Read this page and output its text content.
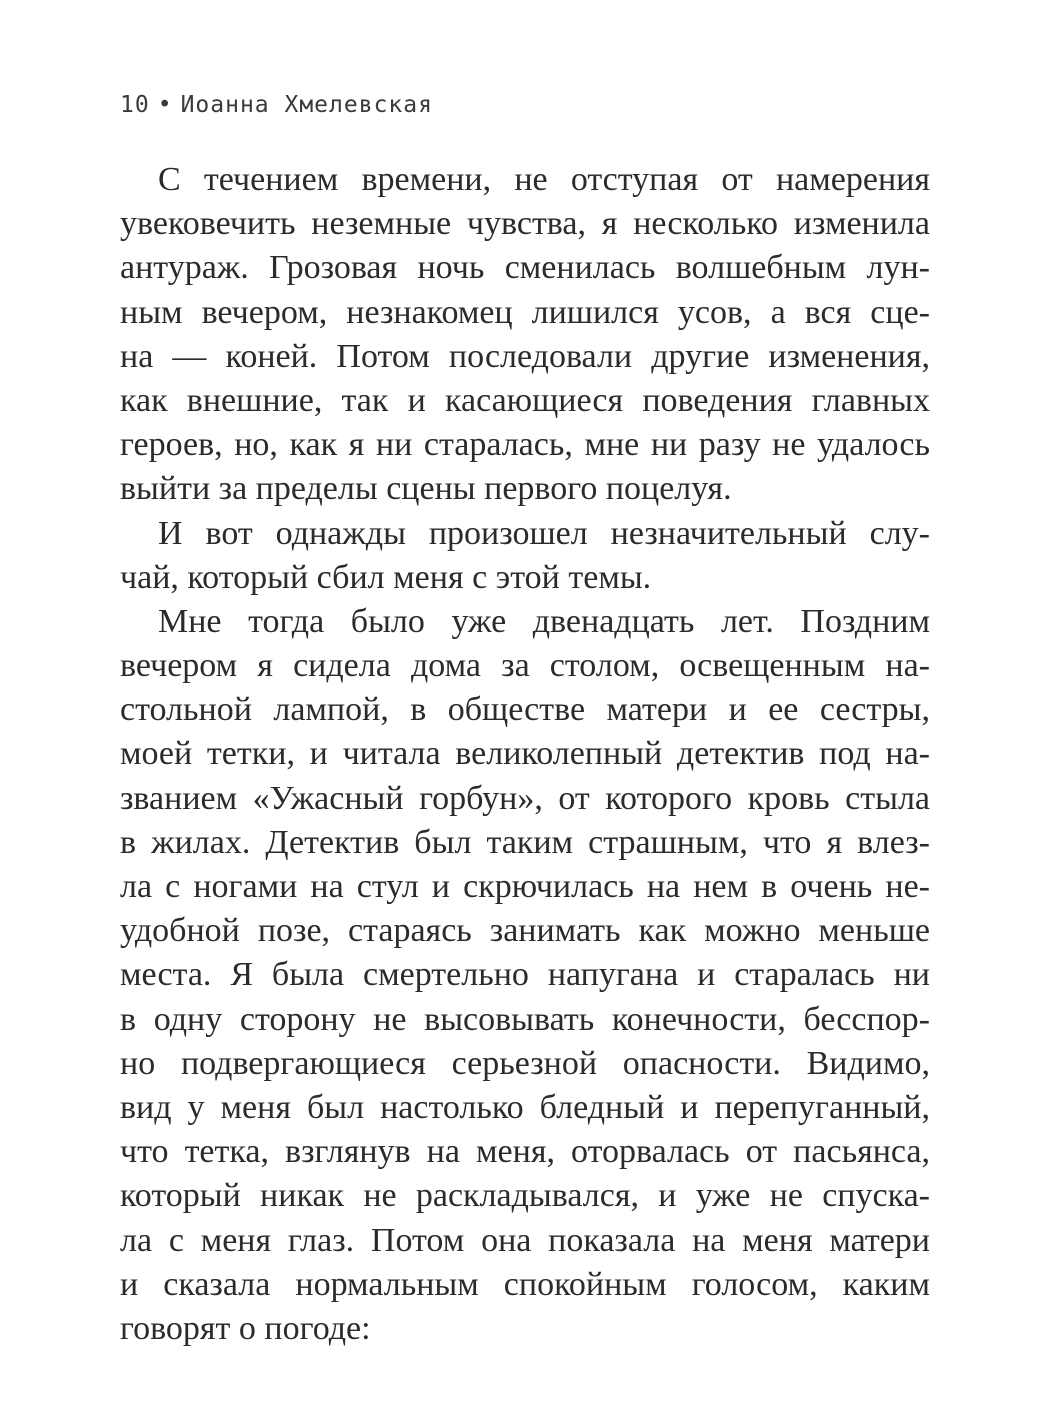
10 • Иоанна Хмелевская
С течением времени, не отступая от намерения
увековечить неземные чувства, я несколько изменила
антураж. Грозовая ночь сменилась волшебным лун-
ным вечером, незнакомец лишился усов, а вся сце-
на — коней. Потом последовали другие изменения,
как внешние, так и касающиеся поведения главных
героев, но, как я ни старалась, мне ни разу не удалось
выйти за пределы сцены первого поцелуя.
И вот однажды произошел незначительный слу-
чай, который сбил меня с этой темы.
Мне тогда было уже двенадцать лет. Поздним
вечером я сидела дома за столом, освещенным на-
стольной лампой, в обществе матери и ее сестры,
моей тетки, и читала великолепный детектив под на-
званием «Ужасный горбун», от которого кровь стыла
в жилах. Детектив был таким страшным, что я влез-
ла с ногами на стул и скрючилась на нем в очень не-
удобной позе, стараясь занимать как можно меньше
места. Я была смертельно напугана и старалась ни
в одну сторону не высовывать конечности, бесспор-
но подвергающиеся серьезной опасности. Видимо,
вид у меня был настолько бледный и перепуганный,
что тетка, взглянув на меня, оторвалась от пасьянса,
который никак не раскладывался, и уже не спуска-
ла с меня глаз. Потом она показала на меня матери
и сказала нормальным спокойным голосом, каким
говорят о погоде:
